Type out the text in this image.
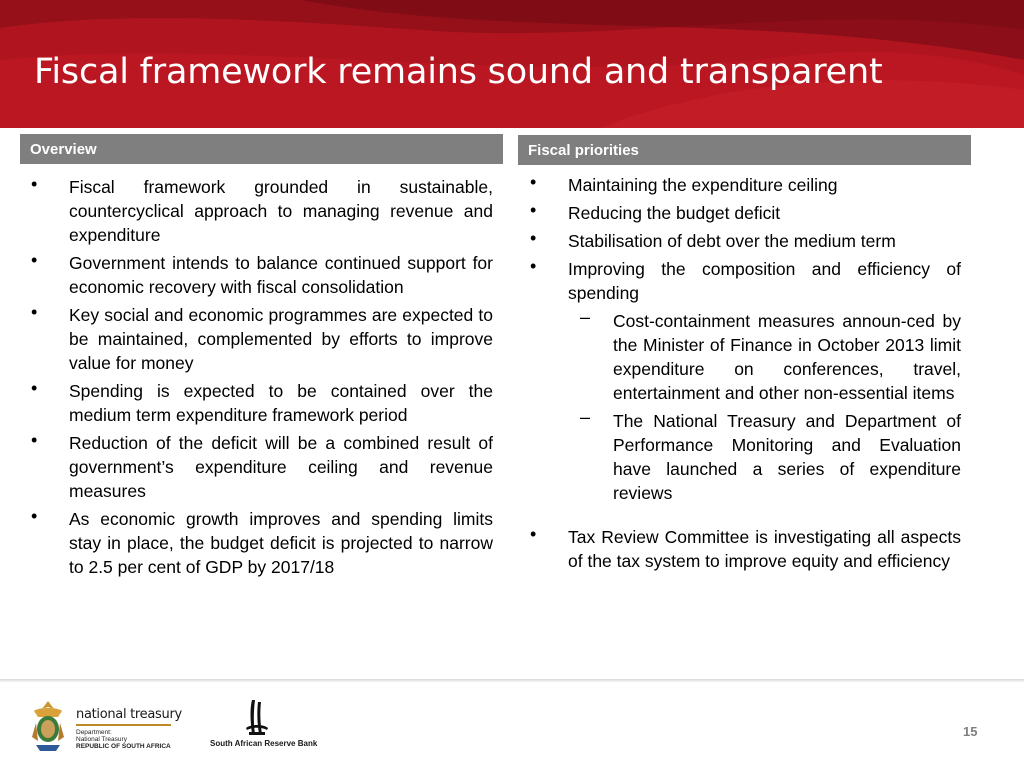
Fiscal framework remains sound and transparent
Overview	Fiscal priorities
• Fiscal framework grounded in sustainable, countercyclical approach to managing revenue and expenditure
• Government intends to balance continued support for economic recovery with fiscal consolidation
• Key social and economic programmes are expected to be maintained, complemented by efforts to improve value for money
• Spending is expected to be contained over the medium term expenditure framework period
• Reduction of the deficit will be a combined result of government’s expenditure ceiling and revenue measures
• As economic growth improves and spending limits stay in place, the budget deficit is projected to narrow to 2.5 per cent of GDP by 2017/18
• Maintaining the expenditure ceiling
• Reducing the budget deficit
• Stabilisation of debt over the medium term
• Improving the composition and efficiency of spending
– Cost-containment measures announ-ced by the Minister of Finance in October 2013 limit expenditure on conferences, travel, entertainment and other non-essential items
– The National Treasury and Department of Performance Monitoring and Evaluation have launched a series of expenditure reviews
• Tax Review Committee is investigating all aspects of the tax system to improve equity and efficiency
national treasury
Department:
National Treasury
REPUBLIC OF SOUTH AFRICA	South African Reserve Bank
15
